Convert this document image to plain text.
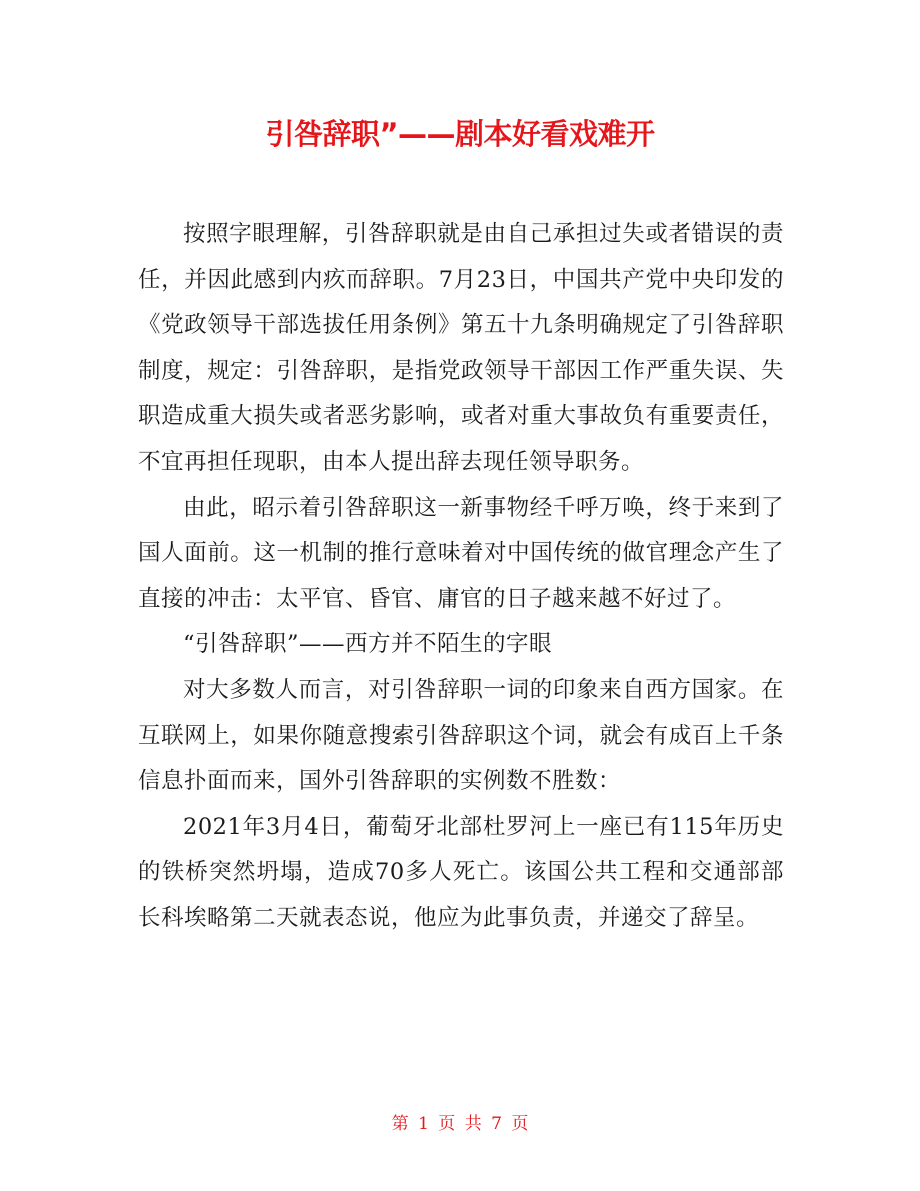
引咎辞职”——剧本好看戏难开

按照字眼理解，引咎辞职就是由自己承担过失或者错误的责任，并因此感到内疚而辞职。7月23日，中国共产党中央印发的《党政领导干部选拔任用条例》第五十九条明确规定了引咎辞职制度，规定：引咎辞职，是指党政领导干部因工作严重失误、失职造成重大损失或者恶劣影响，或者对重大事故负有重要责任，不宜再担任现职，由本人提出辞去现任领导职务。

由此，昭示着引咎辞职这一新事物经千呼万唤，终于来到了国人面前。这一机制的推行意味着对中国传统的做官理念产生了直接的冲击：太平官、昏官、庸官的日子越来越不好过了。

“引咎辞职”——西方并不陌生的字眼

对大多数人而言，对引咎辞职一词的印象来自西方国家。在互联网上，如果你随意搜索引咎辞职这个词，就会有成百上千条信息扑面而来，国外引咎辞职的实例数不胜数：

2021年3月4日，葡萄牙北部杜罗河上一座已有115年历史的铁桥突然坍塌，造成70多人死亡。该国公共工程和交通部部长科埃略第二天就表态说，他应为此事负责，并递交了辞呈。

第 1 页 共 7 页
